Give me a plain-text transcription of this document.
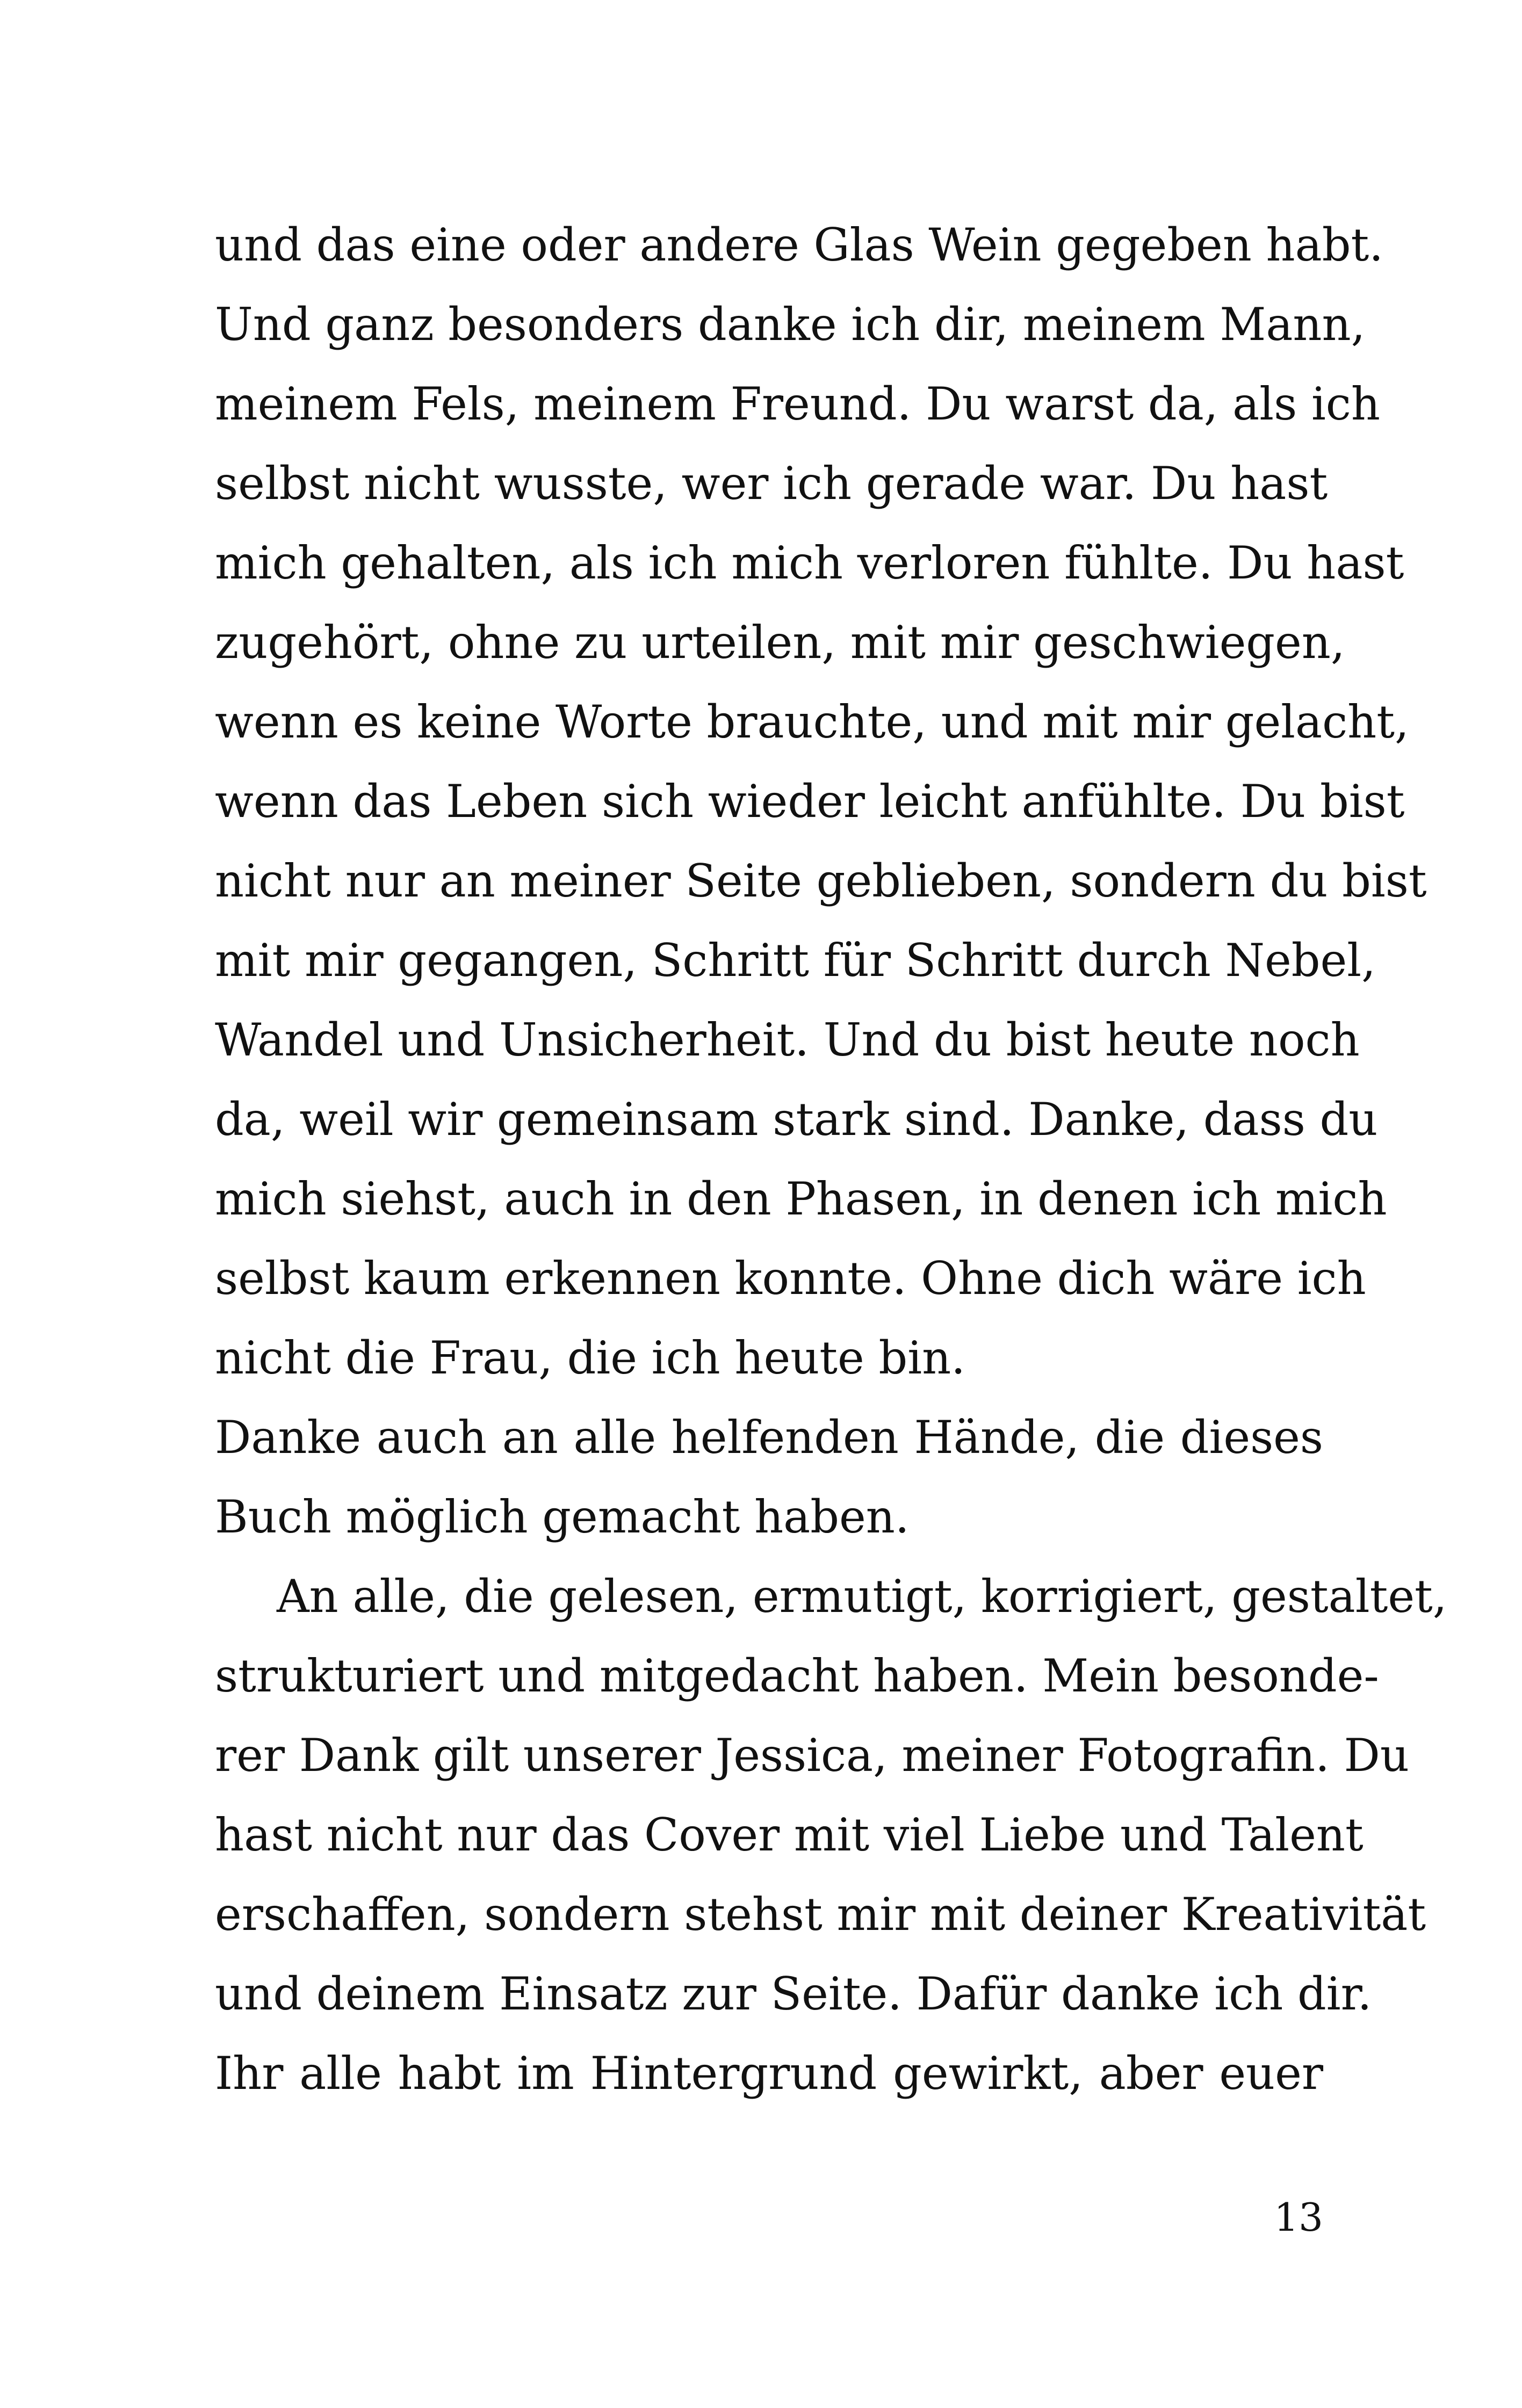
und das eine oder andere Glas Wein gegeben habt.
Und ganz besonders danke ich dir, meinem Mann,
meinem Fels, meinem Freund. Du warst da, als ich
selbst nicht wusste, wer ich gerade war. Du hast
mich gehalten, als ich mich verloren fühlte. Du hast
zugehört, ohne zu urteilen, mit mir geschwiegen,
wenn es keine Worte brauchte, und mit mir gelacht,
wenn das Leben sich wieder leicht anfühlte. Du bist
nicht nur an meiner Seite geblieben, sondern du bist
mit mir gegangen, Schritt für Schritt durch Nebel,
Wandel und Unsicherheit. Und du bist heute noch
da, weil wir gemeinsam stark sind. Danke, dass du
mich siehst, auch in den Phasen, in denen ich mich
selbst kaum erkennen konnte. Ohne dich wäre ich
nicht die Frau, die ich heute bin.
Danke auch an alle helfenden Hände, die dieses
Buch möglich gemacht haben.
An alle, die gelesen, ermutigt, korrigiert, gestaltet,
strukturiert und mitgedacht haben. Mein besonde-
rer Dank gilt unserer Jessica, meiner Fotografin. Du
hast nicht nur das Cover mit viel Liebe und Talent
erschaffen, sondern stehst mir mit deiner Kreativität
und deinem Einsatz zur Seite. Dafür danke ich dir.
Ihr alle habt im Hintergrund gewirkt, aber euer
13
